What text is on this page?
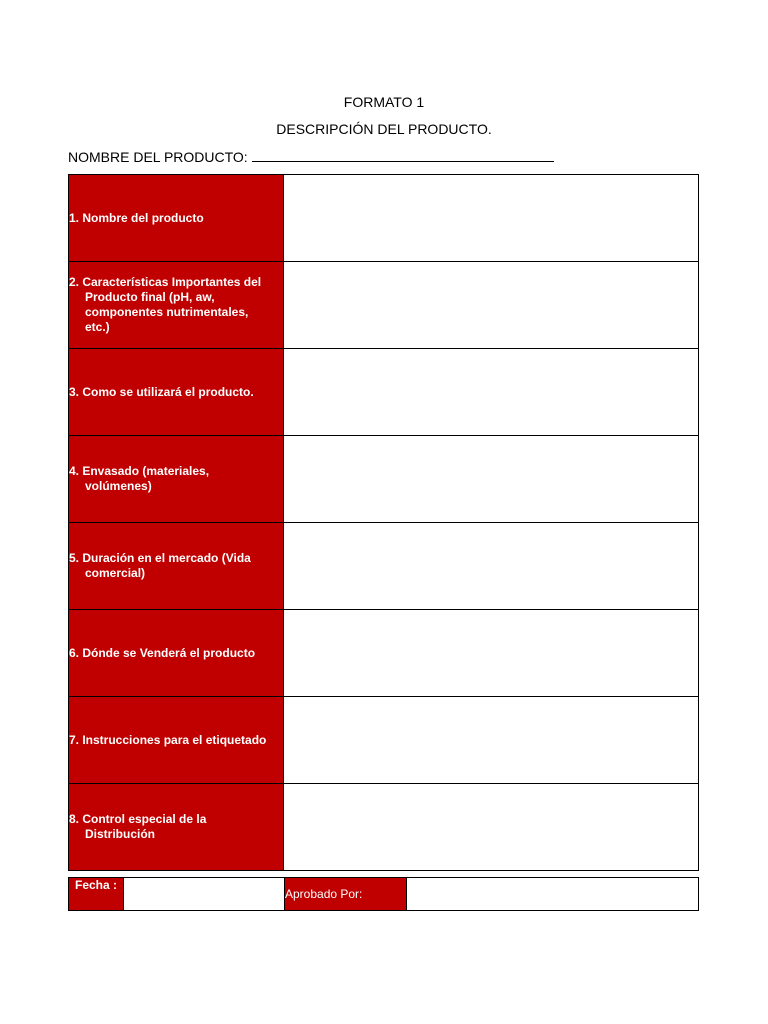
FORMATO 1
DESCRIPCIÓN DEL PRODUCTO.
NOMBRE DEL PRODUCTO:
1. Nombre del producto	

2. Características Importantes del Producto final (pH, aw, componentes nutrimentales, etc.)	

3. Como se utilizará el producto.	

4. Envasado (materiales, volúmenes)	

5. Duración en el mercado (Vida comercial)	

6. Dónde se Venderá el producto	

7. Instrucciones para el etiquetado	

8. Control especial de la Distribución	

Fecha :		Aprobado Por:	
